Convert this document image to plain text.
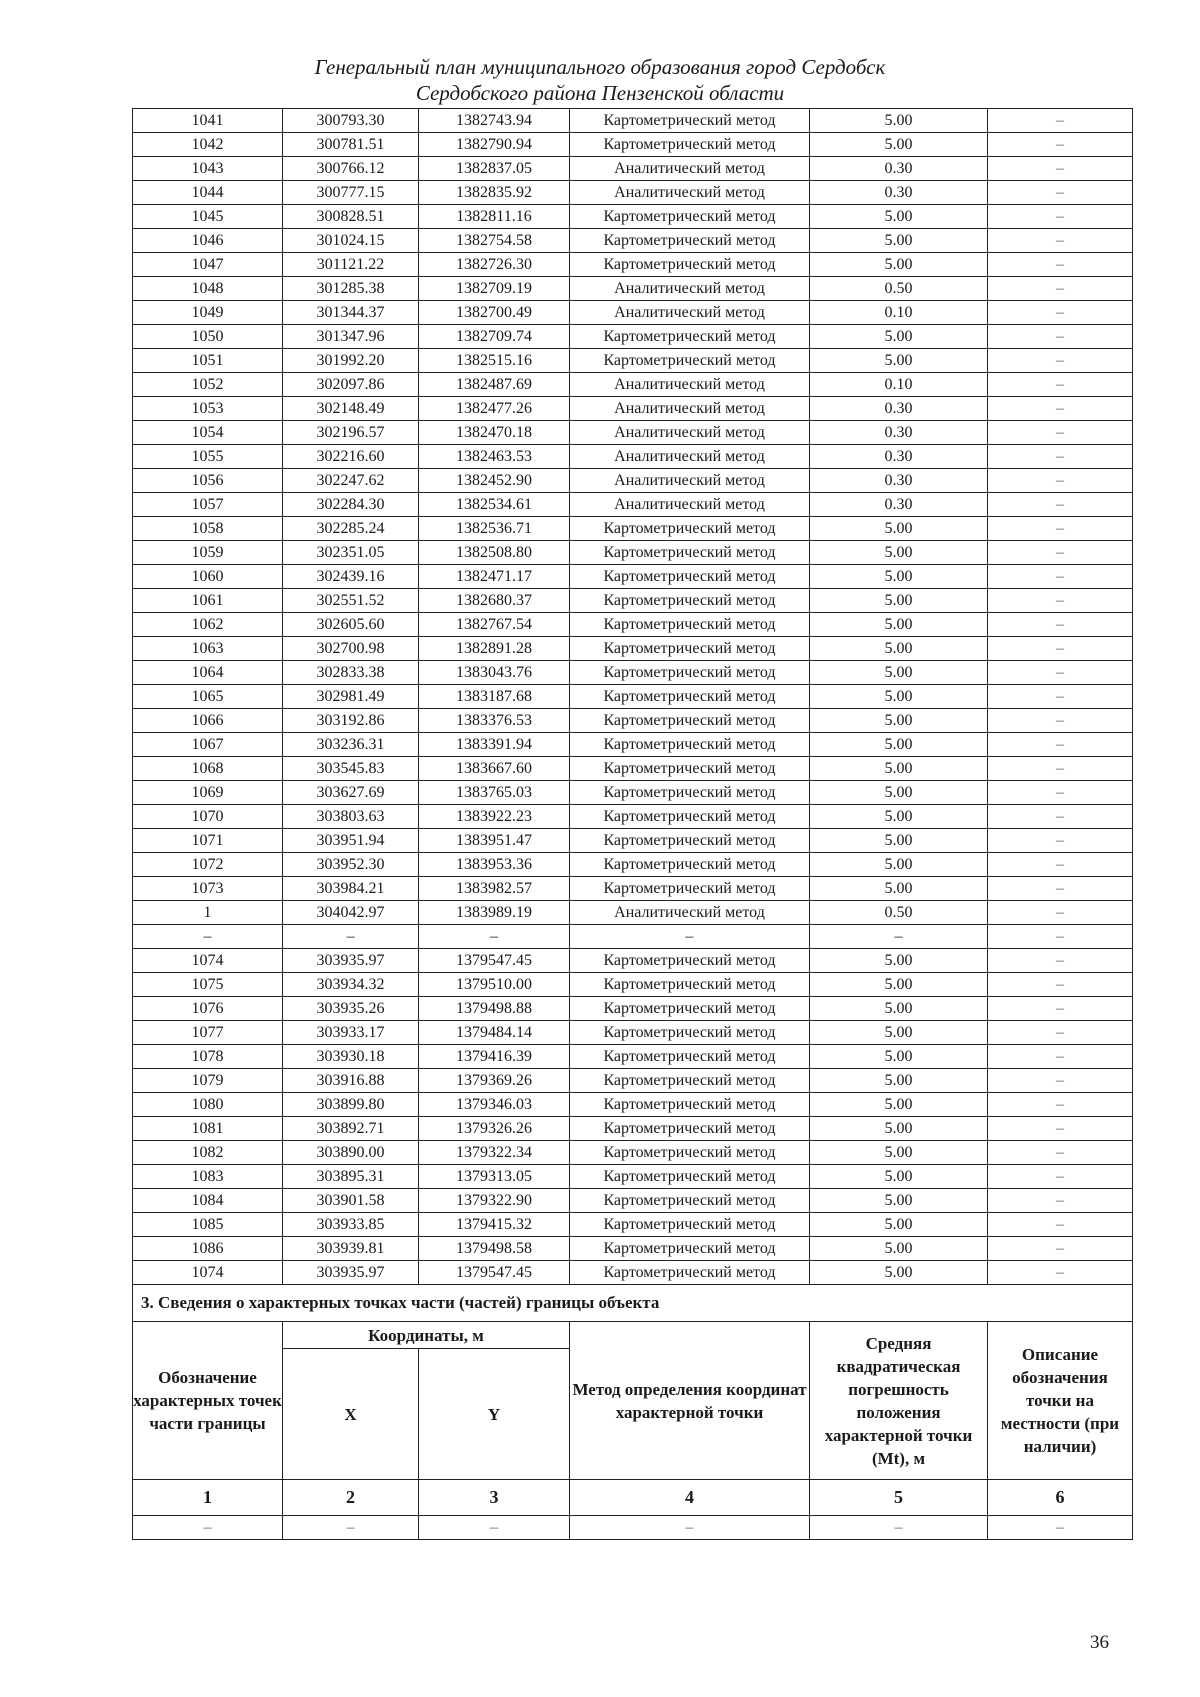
Генеральный план муниципального образования город Сердобск
Сердобского района Пензенской области
1041	300793.30	1382743.94	Картометрический метод	5.00	–
1042	300781.51	1382790.94	Картометрический метод	5.00	–
1043	300766.12	1382837.05	Аналитический метод	0.30	–
1044	300777.15	1382835.92	Аналитический метод	0.30	–
1045	300828.51	1382811.16	Картометрический метод	5.00	–
1046	301024.15	1382754.58	Картометрический метод	5.00	–
1047	301121.22	1382726.30	Картометрический метод	5.00	–
1048	301285.38	1382709.19	Аналитический метод	0.50	–
1049	301344.37	1382700.49	Аналитический метод	0.10	–
1050	301347.96	1382709.74	Картометрический метод	5.00	–
1051	301992.20	1382515.16	Картометрический метод	5.00	–
1052	302097.86	1382487.69	Аналитический метод	0.10	–
1053	302148.49	1382477.26	Аналитический метод	0.30	–
1054	302196.57	1382470.18	Аналитический метод	0.30	–
1055	302216.60	1382463.53	Аналитический метод	0.30	–
1056	302247.62	1382452.90	Аналитический метод	0.30	–
1057	302284.30	1382534.61	Аналитический метод	0.30	–
1058	302285.24	1382536.71	Картометрический метод	5.00	–
1059	302351.05	1382508.80	Картометрический метод	5.00	–
1060	302439.16	1382471.17	Картометрический метод	5.00	–
1061	302551.52	1382680.37	Картометрический метод	5.00	–
1062	302605.60	1382767.54	Картометрический метод	5.00	–
1063	302700.98	1382891.28	Картометрический метод	5.00	–
1064	302833.38	1383043.76	Картометрический метод	5.00	–
1065	302981.49	1383187.68	Картометрический метод	5.00	–
1066	303192.86	1383376.53	Картометрический метод	5.00	–
1067	303236.31	1383391.94	Картометрический метод	5.00	–
1068	303545.83	1383667.60	Картометрический метод	5.00	–
1069	303627.69	1383765.03	Картометрический метод	5.00	–
1070	303803.63	1383922.23	Картометрический метод	5.00	–
1071	303951.94	1383951.47	Картометрический метод	5.00	–
1072	303952.30	1383953.36	Картометрический метод	5.00	–
1073	303984.21	1383982.57	Картометрический метод	5.00	–
1	304042.97	1383989.19	Аналитический метод	0.50	–
–	–	–	–	–	–
1074	303935.97	1379547.45	Картометрический метод	5.00	–
1075	303934.32	1379510.00	Картометрический метод	5.00	–
1076	303935.26	1379498.88	Картометрический метод	5.00	–
1077	303933.17	1379484.14	Картометрический метод	5.00	–
1078	303930.18	1379416.39	Картометрический метод	5.00	–
1079	303916.88	1379369.26	Картометрический метод	5.00	–
1080	303899.80	1379346.03	Картометрический метод	5.00	–
1081	303892.71	1379326.26	Картометрический метод	5.00	–
1082	303890.00	1379322.34	Картометрический метод	5.00	–
1083	303895.31	1379313.05	Картометрический метод	5.00	–
1084	303901.58	1379322.90	Картометрический метод	5.00	–
1085	303933.85	1379415.32	Картометрический метод	5.00	–
1086	303939.81	1379498.58	Картометрический метод	5.00	–
1074	303935.97	1379547.45	Картометрический метод	5.00	–
3. Сведения о характерных точках части (частей) границы объекта					
Обозначение характерных точек части границы	Координаты, м		Метод определения координат характерной точки	Средняя квадратическая погрешность положения характерной точки (Mt), м	Описание обозначения точки на местности (при наличии)
	X	Y			
1	2	3	4	5	6
–	–	–	–	–	–
36
